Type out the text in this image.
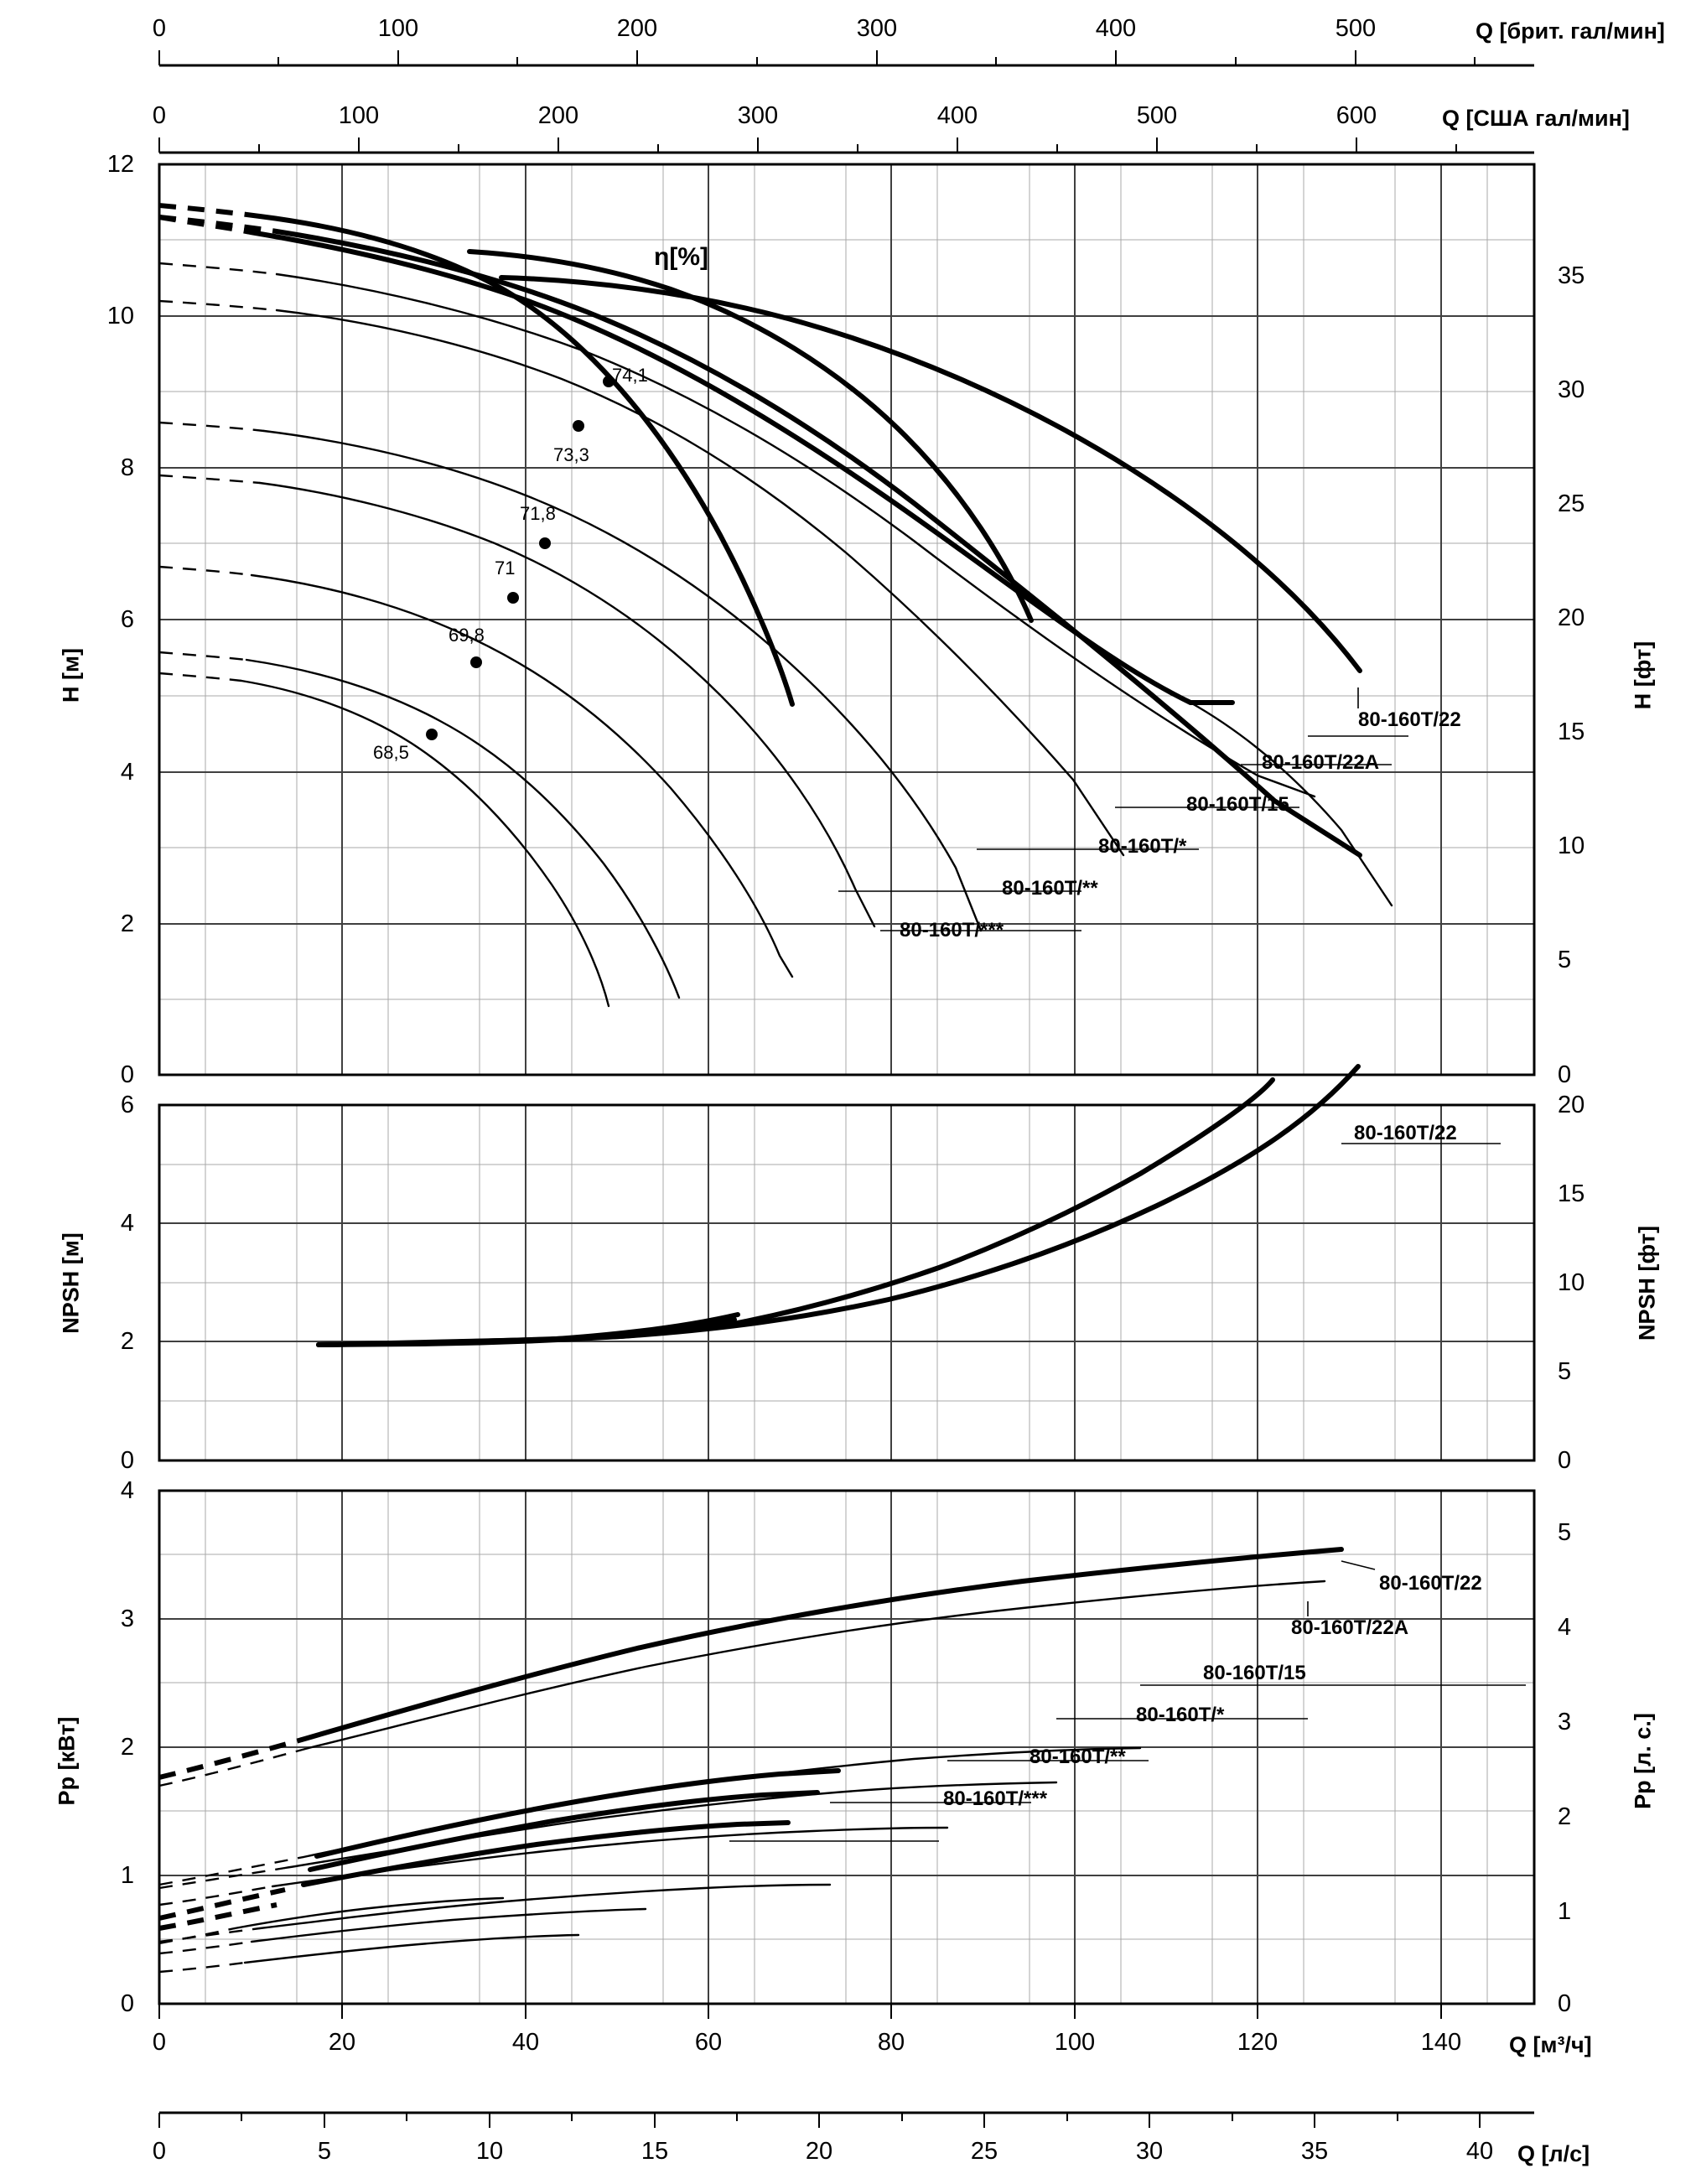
0	100	200	300	400	500	Q [брит. гал/мин]
0	100	200	300	400	500	600	Q [США гал/мин]
12
10
8
6
4
2
0
35
30
25
20
15
10
5
0
H [м]	H [фт]
η[%]
74,1
73,3
71,8
71
69,8
68,5
80-160T/22
80-160T/22A
80-160T/15
80-160T/*
80-160T/**
80-160T/***
6
4
2
0
20
15
10
5
0
NPSH [м]	NPSH [фт]
80-160T/22
4
3
2
1
0
5
4
3
2
1
0
Pp [кВт]	Pp [л. с.]
80-160T/22
80-160T/22A
80-160T/15
80-160T/*
80-160T/**
80-160T/***
0	20	40	60	80	100	120	140 Q [м³/ч]
0	5	10	15	20	25	30	35	40	Q [л/с]
